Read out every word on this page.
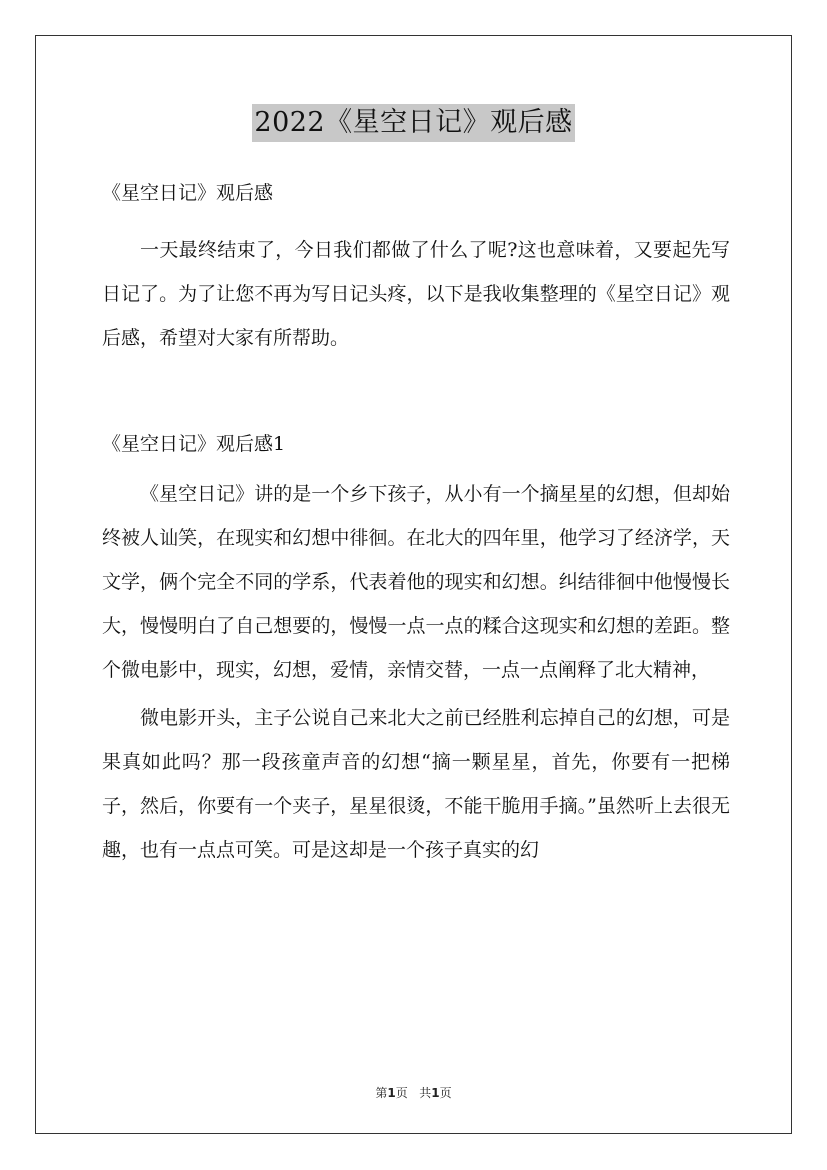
2022《星空日记》观后感

《星空日记》观后感

一天最终结束了，今日我们都做了什么了呢?这也意味着，又要起先写日记了。为了让您不再为写日记头疼，以下是我收集整理的《星空日记》观后感，希望对大家有所帮助。

《星空日记》观后感1

《星空日记》讲的是一个乡下孩子，从小有一个摘星星的幻想，但却始终被人讪笑，在现实和幻想中徘徊。在北大的四年里，他学习了经济学，天文学，俩个完全不同的学系，代表着他的现实和幻想。纠结徘徊中他慢慢长大，慢慢明白了自己想要的，慢慢一点一点的糅合这现实和幻想的差距。整个微电影中，现实，幻想，爱情，亲情交替，一点一点阐释了北大精神，

微电影开头，主子公说自己来北大之前已经胜利忘掉自己的幻想，可是果真如此吗？那一段孩童声音的幻想“摘一颗星星，首先，你要有一把梯子，然后，你要有一个夹子，星星很烫，不能干脆用手摘。”虽然听上去很无趣，也有一点点可笑。可是这却是一个孩子真实的幻

第1页 共1页
